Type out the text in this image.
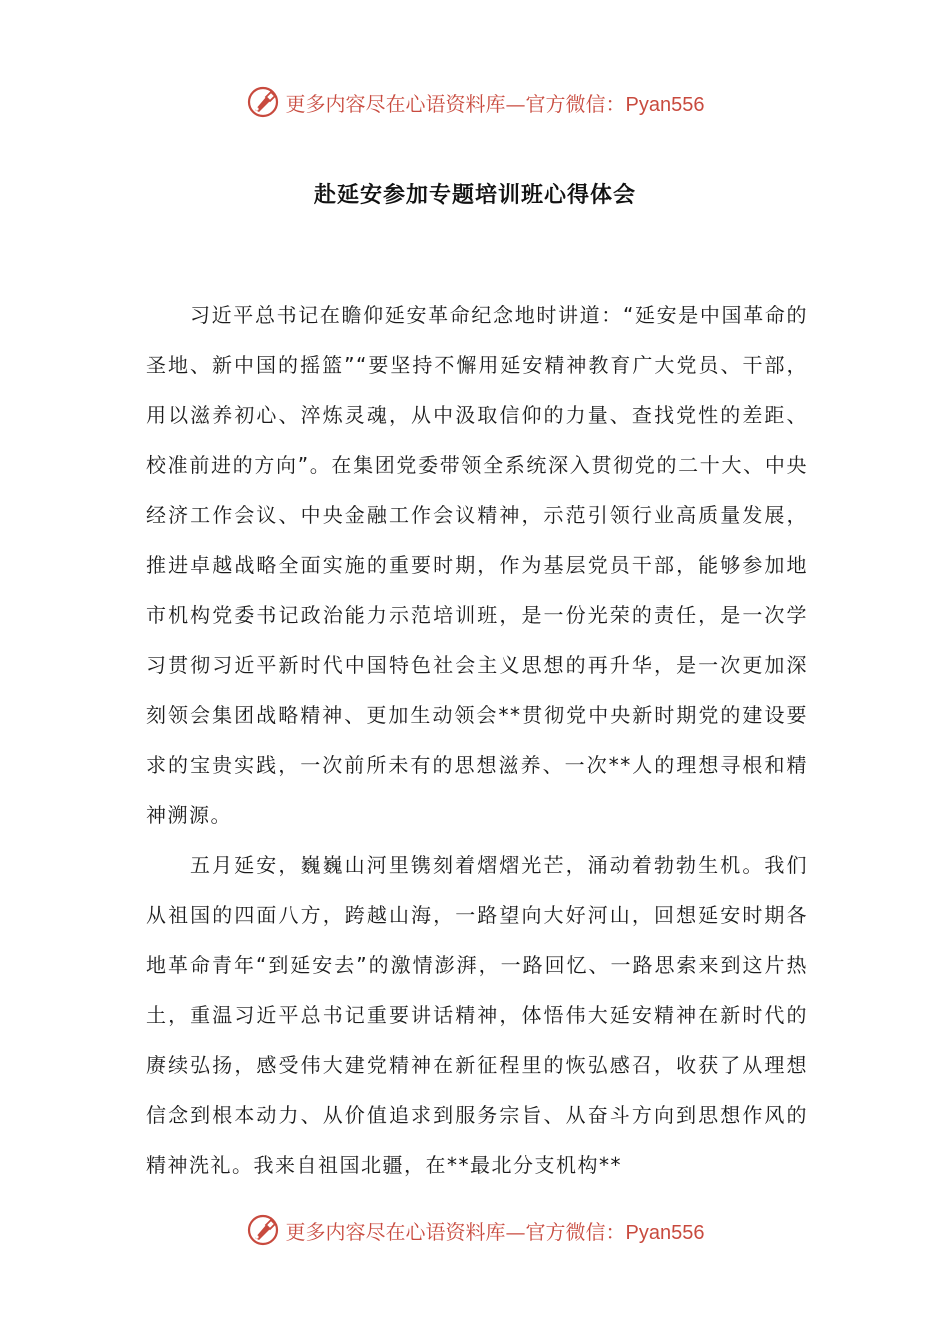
更多内容尽在心语资料库—官方微信：Pyan556
赴延安参加专题培训班心得体会

习近平总书记在瞻仰延安革命纪念地时讲道：“延安是中国革命的圣地、新中国的摇篮”“要坚持不懈用延安精神教育广大党员、干部，用以滋养初心、淬炼灵魂，从中汲取信仰的力量、查找党性的差距、校准前进的方向”。在集团党委带领全系统深入贯彻党的二十大、中央经济工作会议、中央金融工作会议精神，示范引领行业高质量发展，推进卓越战略全面实施的重要时期，作为基层党员干部，能够参加地市机构党委书记政治能力示范培训班，是一份光荣的责任，是一次学习贯彻习近平新时代中国特色社会主义思想的再升华，是一次更加深刻领会集团战略精神、更加生动领会**贯彻党中央新时期党的建设要求的宝贵实践，一次前所未有的思想滋养、一次**人的理想寻根和精神溯源。

五月延安，巍巍山河里镌刻着熠熠光芒，涌动着勃勃生机。我们从祖国的四面八方，跨越山海，一路望向大好河山，回想延安时期各地革命青年“到延安去”的激情澎湃，一路回忆、一路思索来到这片热土，重温习近平总书记重要讲话精神，体悟伟大延安精神在新时代的赓续弘扬，感受伟大建党精神在新征程里的恢弘感召，收获了从理想信念到根本动力、从价值追求到服务宗旨、从奋斗方向到思想作风的精神洗礼。我来自祖国北疆，在**最北分支机构**

更多内容尽在心语资料库—官方微信：Pyan556
